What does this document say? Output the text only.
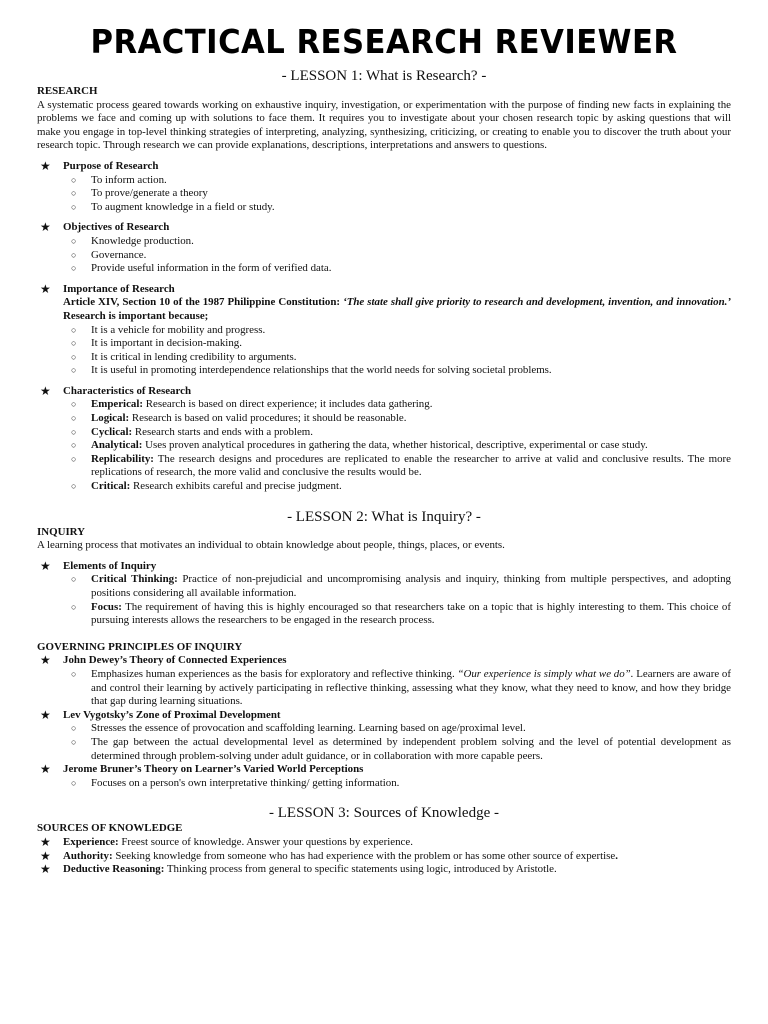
PRACTICAL RESEARCH REVIEWER
- LESSON 1: What is Research? -
RESEARCH
A systematic process geared towards working on exhaustive inquiry, investigation, or experimentation with the purpose of finding new facts in explaining the problems we face and coming up with solutions to face them. It requires you to investigate about your chosen research topic by asking questions that will make you engage in top-level thinking strategies of interpreting, analyzing, synthesizing, criticizing, or creating to enable you to discover the truth about your research topic. Through research we can provide explanations, descriptions, interpretations and answers to questions.
★ Purpose of Research
○ To inform action.
○ To prove/generate a theory
○ To augment knowledge in a field or study.
★ Objectives of Research
○ Knowledge production.
○ Governance.
○ Provide useful information in the form of verified data.
★ Importance of Research
Article XIV, Section 10 of the 1987 Philippine Constitution: ‘The state shall give priority to research and development, invention, and innovation.’ Research is important because;
○ It is a vehicle for mobility and progress.
○ It is important in decision-making.
○ It is critical in lending credibility to arguments.
○ It is useful in promoting interdependence relationships that the world needs for solving societal problems.
★ Characteristics of Research
○ Emperical: Research is based on direct experience; it includes data gathering.
○ Logical: Research is based on valid procedures; it should be reasonable.
○ Cyclical: Research starts and ends with a problem.
○ Analytical: Uses proven analytical procedures in gathering the data, whether historical, descriptive, experimental or case study.
○ Replicability: The research designs and procedures are replicated to enable the researcher to arrive at valid and conclusive results. The more replications of research, the more valid and conclusive the results would be.
○ Critical: Research exhibits careful and precise judgment.
- LESSON 2: What is Inquiry? -
INQUIRY
A learning process that motivates an individual to obtain knowledge about people, things, places, or events.
★ Elements of Inquiry
○ Critical Thinking: Practice of non-prejudicial and uncompromising analysis and inquiry, thinking from multiple perspectives, and adopting positions considering all available information.
○ Focus: The requirement of having this is highly encouraged so that researchers take on a topic that is highly interesting to them. This choice of pursuing interests allows the researchers to be engaged in the research process.
GOVERNING PRINCIPLES OF INQUIRY
★ John Dewey’s Theory of Connected Experiences
○ Emphasizes human experiences as the basis for exploratory and reflective thinking. “Our experience is simply what we do”. Learners are aware of and control their learning by actively participating in reflective thinking, assessing what they know, what they need to know, and how they bridge that gap during learning situations.
★ Lev Vygotsky’s Zone of Proximal Development
○ Stresses the essence of provocation and scaffolding learning. Learning based on age/proximal level.
○ The gap between the actual developmental level as determined by independent problem solving and the level of potential development as determined through problem-solving under adult guidance, or in collaboration with more capable peers.
★ Jerome Bruner’s Theory on Learner’s Varied World Perceptions
○ Focuses on a person's own interpretative thinking/ getting information.
- LESSON 3: Sources of Knowledge -
SOURCES OF KNOWLEDGE
★ Experience: Freest source of knowledge. Answer your questions by experience.
★ Authority: Seeking knowledge from someone who has had experience with the problem or has some other source of expertise.
★ Deductive Reasoning: Thinking process from general to specific statements using logic, introduced by Aristotle.
